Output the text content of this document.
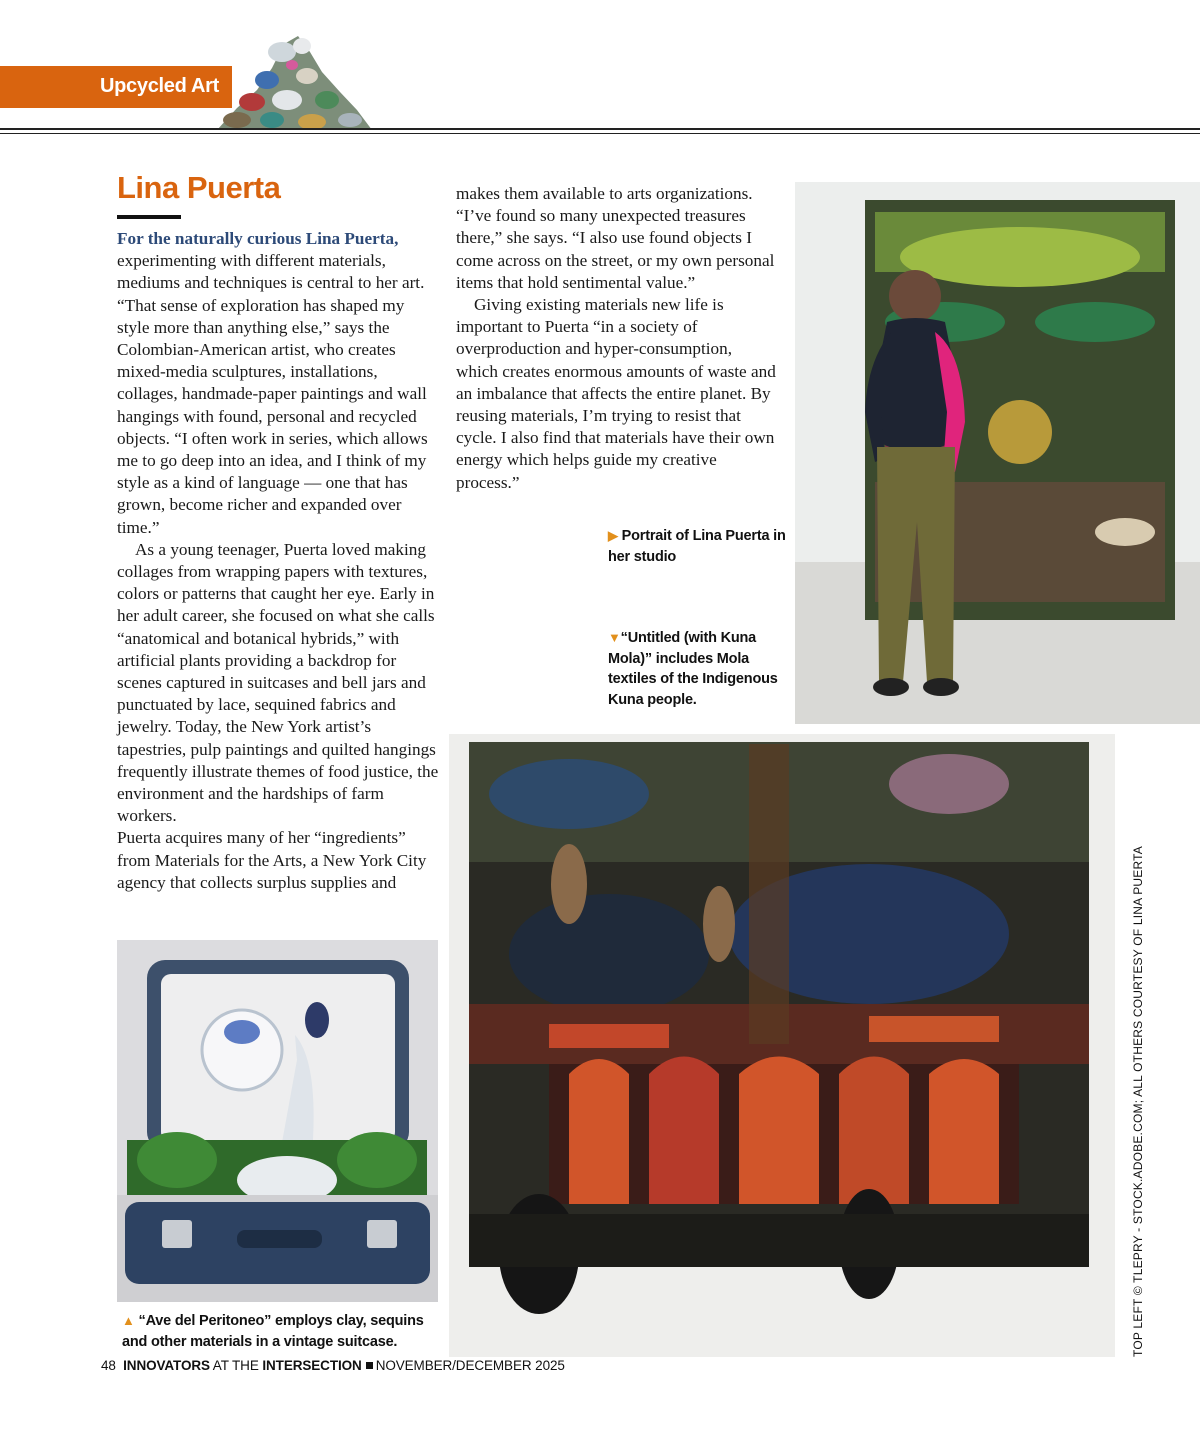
Upcycled Art
Lina Puerta

For the naturally curious Lina Puerta, experimenting with different materials, mediums and techniques is central to her art. “That sense of exploration has shaped my style more than anything else,” says the Colombian-American artist, who creates mixed-media sculptures, installations, collages, handmade-paper paintings and wall hangings with found, personal and recycled objects. “I often work in series, which allows me to go deep into an idea, and I think of my style as a kind of language — one that has grown, become richer and expanded over time.”

As a young teenager, Puerta loved making collages from wrapping papers with textures, colors or patterns that caught her eye. Early in her adult career, she focused on what she calls “anatomical and botanical hybrids,” with artificial plants providing a backdrop for scenes captured in suitcases and bell jars and punctuated by lace, sequined fabrics and jewelry. Today, the New York artist’s tapestries, pulp paintings and quilted hangings frequently illustrate themes of food justice, the environment and the hardships of farm workers.

Puerta acquires many of her “ingredients” from Materials for the Arts, a New York City agency that collects surplus supplies and

makes them available to arts organizations. “I’ve found so many unexpected treasures there,” she says. “I also use found objects I come across on the street, or my own personal items that hold sentimental value.”

Giving existing materials new life is important to Puerta “in a society of overproduction and hyper-consumption, which creates enormous amounts of waste and an imbalance that affects the entire planet. By reusing materials, I’m trying to resist that cycle. I also find that materials have their own energy which helps guide my creative process.”

▶ Portrait of Lina Puerta in her studio
▼“Untitled (with Kuna Mola)” includes Mola textiles of the Indigenous Kuna people.
▲ “Ave del Peritoneo” employs clay, sequins and other materials in a vintage suitcase.	TOP LEFT © TLEPRY - STOCK.ADOBE.COM; ALL OTHERS COURTESY OF LINA PUERTA
48 INNOVATORS AT THE INTERSECTION NOVEMBER/DECEMBER 2025
